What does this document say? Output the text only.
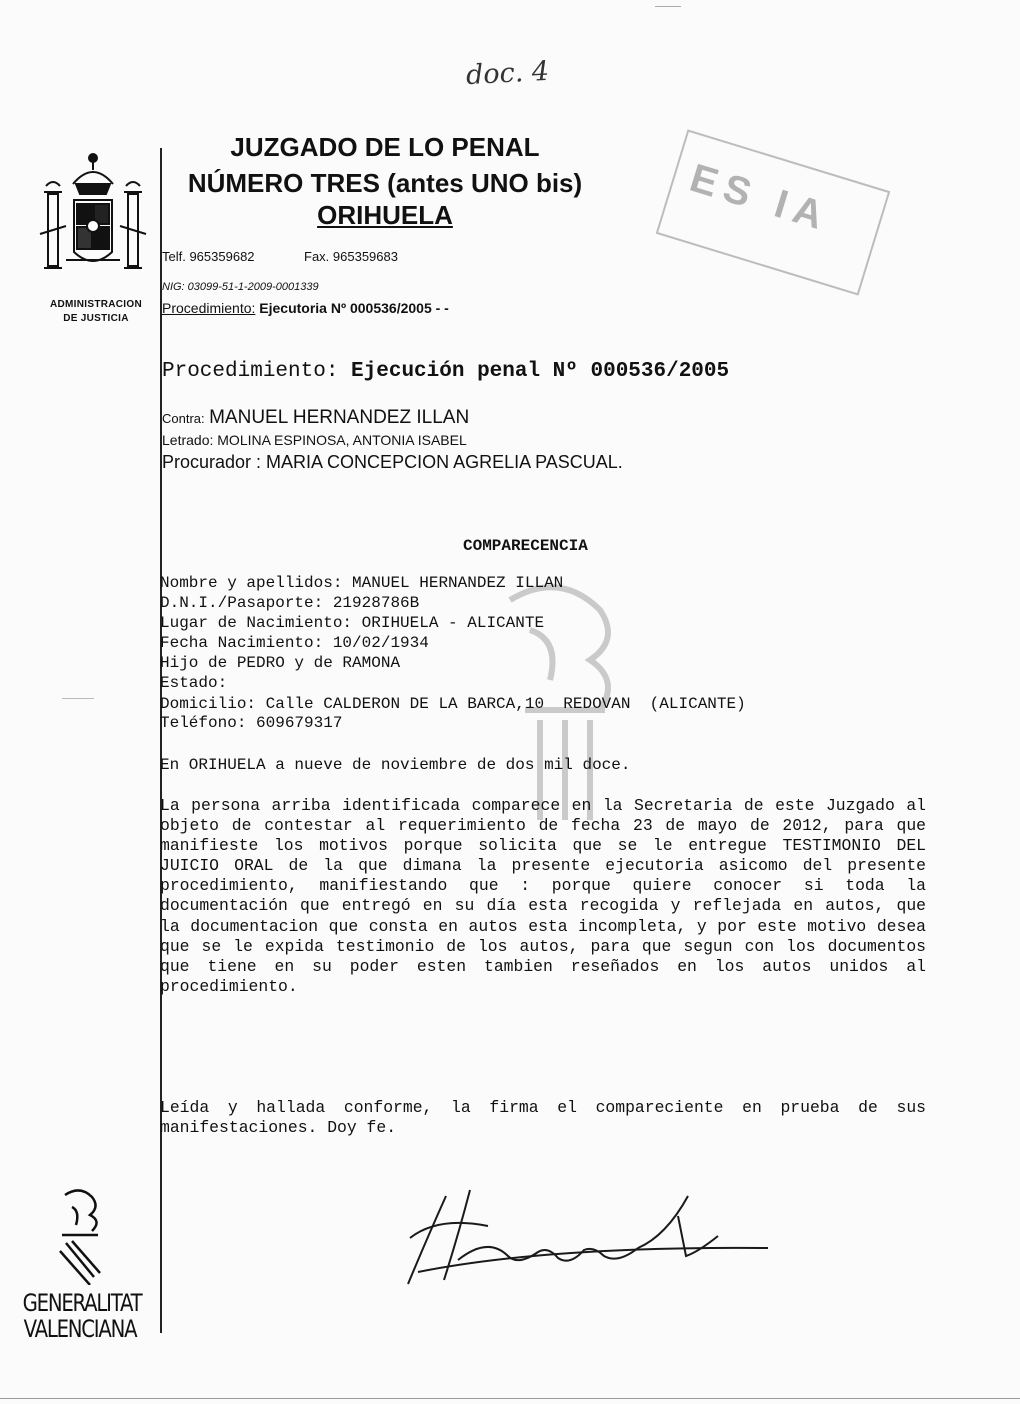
ADMINISTRACION
DE JUSTICIA
doc. 4
JUZGADO DE LO PENAL
NÚMERO TRES (antes UNO bis)
ORIHUELA	ES IA
Telf. 965359682	Fax. 965359683
NIG: 03099-51-1-2009-0001339
Procedimiento: Ejecutoria Nº 000536/2005 - -
Procedimiento: Ejecución penal Nº 000536/2005
Contra: MANUEL HERNANDEZ ILLAN
Letrado: MOLINA ESPINOSA, ANTONIA ISABEL
Procurador : MARIA CONCEPCION AGRELIA PASCUAL.
COMPARECENCIA
Nombre y apellidos: MANUEL HERNANDEZ ILLAN
D.N.I./Pasaporte: 21928786B
Lugar de Nacimiento: ORIHUELA - ALICANTE
Fecha Nacimiento: 10/02/1934
Hijo de PEDRO y de RAMONA
Estado:
Domicilio: Calle CALDERON DE LA BARCA,10  REDOVAN  (ALICANTE)
Teléfono: 609679317
En ORIHUELA a nueve de noviembre de dos mil doce.
La persona arriba identificada comparece en la Secretaria de este Juzgado al objeto de contestar al requerimiento de fecha 23 de mayo de 2012, para que manifieste los motivos porque solicita que se le entregue TESTIMONIO DEL JUICIO ORAL de la que dimana la presente ejecutoria asicomo del presente procedimiento, manifiestando que : porque quiere conocer si toda la documentación que entregó en su día esta recogida y reflejada en autos, que la documentacion que consta en autos esta incompleta, y por este motivo desea que se le expida testimonio de los autos, para que segun con los documentos que tiene en su poder esten tambien reseñados en los autos unidos al procedimiento.
Leída y hallada conforme, la firma el compareciente en prueba de sus manifestaciones. Doy fe.
GENERALITAT
VALENCIANA
